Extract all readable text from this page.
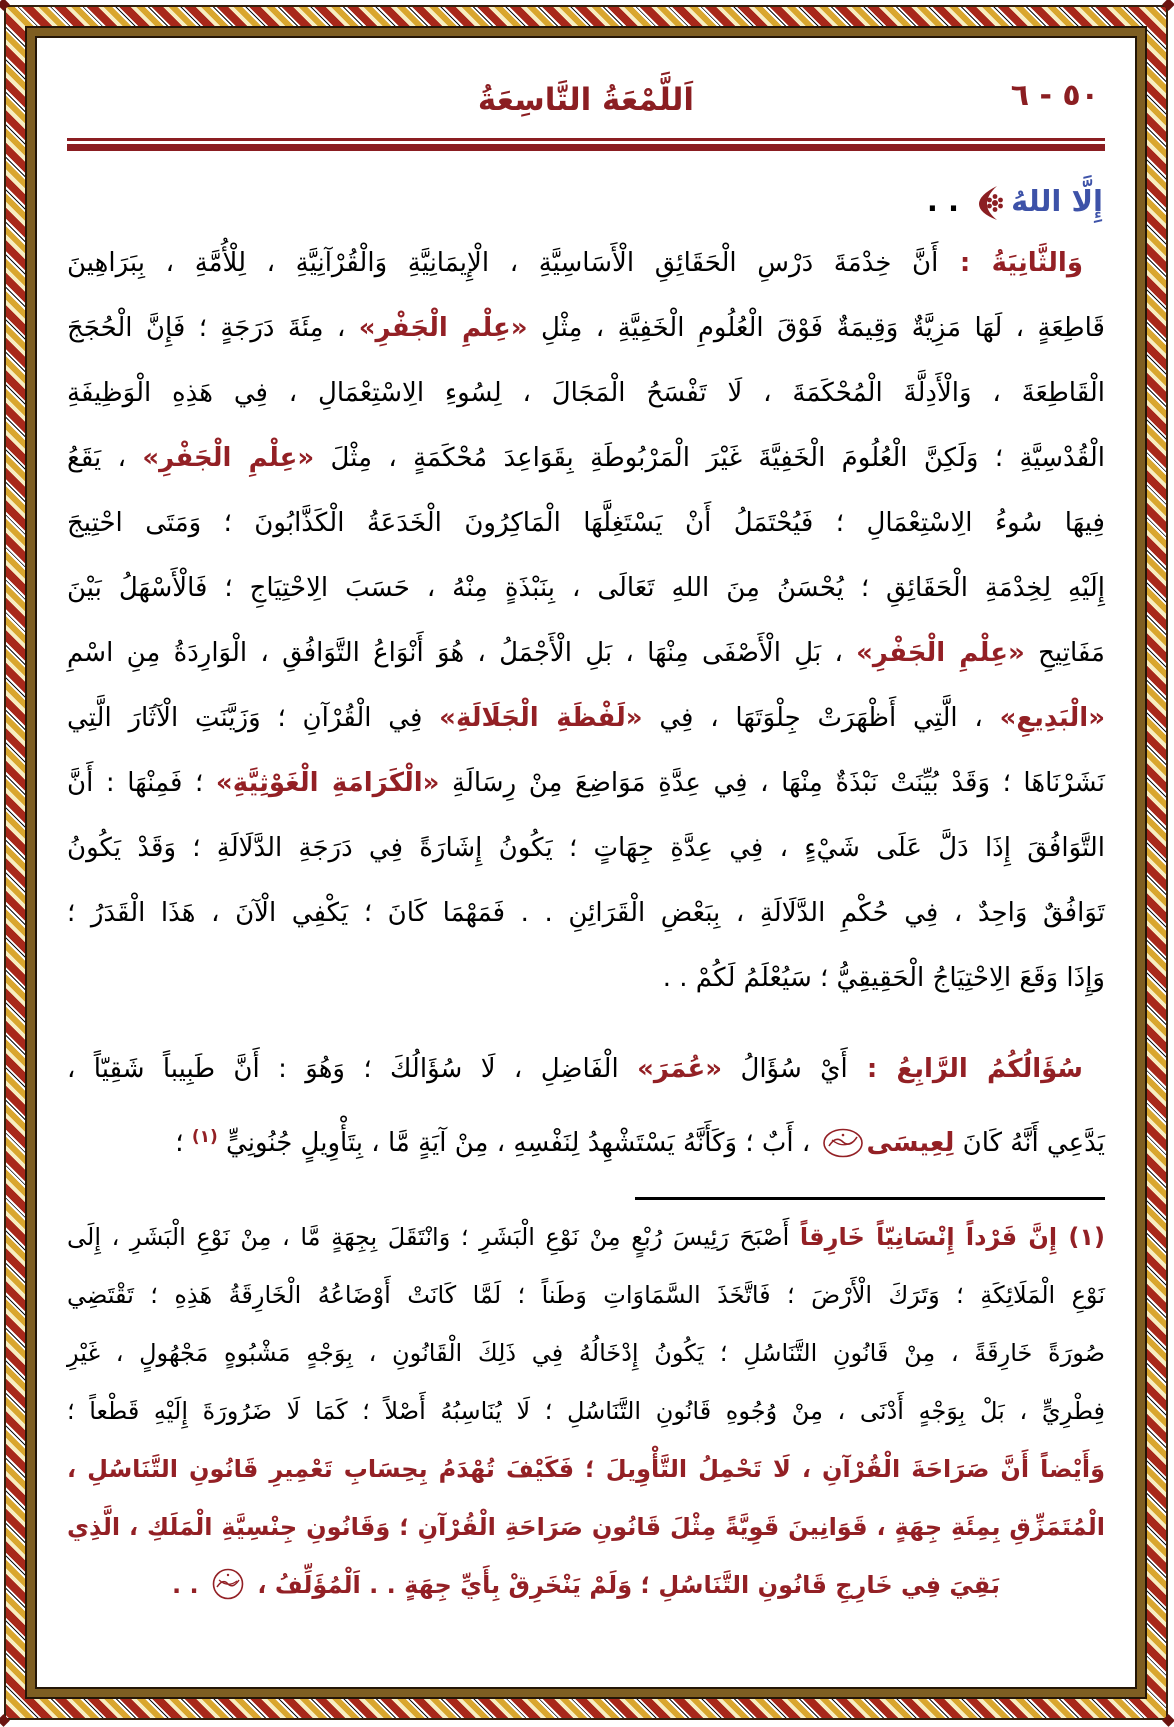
٥٠ - ٦
اَللَّمْعَةُ التَّاسِعَةُ
إِلَّا اللهُ . .
وَالثَّانِيَةُ : أَنَّ خِدْمَةَ دَرْسِ الْحَقَائِقِ الْأَسَاسِيَّةِ ، الْإِيمَانِيَّةِ وَالْقُرْآنِيَّةِ ، لِلْأُمَّةِ ، بِبَرَاهِينَ
قَاطِعَةٍ ، لَهَا مَزِيَّةٌ وَقِيمَةٌ فَوْقَ الْعُلُومِ الْخَفِيَّةِ ، مِثْلِ «عِلْمِ الْجَفْرِ» ، مِئَةَ دَرَجَةٍ ؛ فَإِنَّ الْحُجَجَ
الْقَاطِعَةَ ، وَالْأَدِلَّةَ الْمُحْكَمَةَ ، لَا تَفْسَحُ الْمَجَالَ ، لِسُوءِ الِاسْتِعْمَالِ ، فِي هَذِهِ الْوَظِيفَةِ
الْقُدْسِيَّةِ ؛ وَلَكِنَّ الْعُلُومَ الْخَفِيَّةَ غَيْرَ الْمَرْبُوطَةِ بِقَوَاعِدَ مُحْكَمَةٍ ، مِثْلَ «عِلْمِ الْجَفْرِ» ، يَقَعُ
فِيهَا سُوءُ الِاسْتِعْمَالِ ؛ فَيُحْتَمَلُ أَنْ يَسْتَغِلَّهَا الْمَاكِرُونَ الْخَدَعَةُ الْكَذَّابُونَ ؛ وَمَتَى احْتِيجَ
إِلَيْهِ لِخِدْمَةِ الْحَقَائِقِ ؛ يُحْسَنُ مِنَ اللهِ تَعَالَى ، بِنَبْذَةٍ مِنْهُ ، حَسَبَ الِاحْتِيَاجِ ؛ فَالْأَسْهَلُ بَيْنَ
مَفَاتِيحِ «عِلْمِ الْجَفْرِ» ، بَلِ الْأَصْفَى مِنْهَا ، بَلِ الْأَجْمَلُ ، هُوَ أَنْوَاعُ التَّوَافُقِ ، الْوَارِدَةُ مِنِ اسْمِ
«الْبَدِيعِ» ، الَّتِي أَظْهَرَتْ جِلْوَتَهَا ، فِي «لَفْظَةِ الْجَلَالَةِ» فِي الْقُرْآنِ ؛ وَزَيَّنَتِ الْآثَارَ الَّتِي
نَشَرْنَاهَا ؛ وَقَدْ بُيِّنَتْ نَبْذَةٌ مِنْهَا ، فِي عِدَّةِ مَوَاضِعَ مِنْ رِسَالَةِ «الْكَرَامَةِ الْغَوْثِيَّةِ» ؛ فَمِنْهَا : أَنَّ
التَّوَافُقَ إِذَا دَلَّ عَلَى شَيْءٍ ، فِي عِدَّةِ جِهَاتٍ ؛ يَكُونُ إِشَارَةً فِي دَرَجَةِ الدَّلَالَةِ ؛ وَقَدْ يَكُونُ
تَوَافُقٌ وَاحِدٌ ، فِي حُكْمِ الدَّلَالَةِ ، بِبَعْضِ الْقَرَائِنِ . . فَمَهْمَا كَانَ ؛ يَكْفِي الْآنَ ، هَذَا الْقَدَرُ ؛
وَإِذَا وَقَعَ الِاحْتِيَاجُ الْحَقِيقِيُّ ؛ سَيُعْلَمُ لَكُمْ . .
سُؤَالُكُمُ الرَّابِعُ : أَيْ سُؤَالُ «عُمَرَ» الْفَاضِلِ ، لَا سُؤَالُكَ ؛ وَهُوَ : أَنَّ طَبِيباً شَقِيّاً ،
يَدَّعِي أَنَّهُ كَانَ لِعِيسَى ، أَبٌ ؛ وَكَأَنَّهُ يَسْتَشْهِدُ لِنَفْسِهِ ، مِنْ آيَةٍ مَّا ، بِتَأْوِيلٍ جُنُونِيٍّ $^{(١)}$ ؛
(١) إِنَّ فَرْداً إِنْسَانِيّاً خَارِقاً أَصْبَحَ رَئِيسَ رُبْعٍ مِنْ نَوْعِ الْبَشَرِ ؛ وَانْتَقَلَ بِجِهَةٍ مَّا ، مِنْ نَوْعِ الْبَشَرِ ، إِلَى
نَوْعِ الْمَلَائِكَةِ ؛ وَتَرَكَ الْأَرْضَ ؛ فَاتَّخَذَ السَّمَاوَاتِ وَطَناً ؛ لَمَّا كَانَتْ أَوْضَاعُهُ الْخَارِقَةُ هَذِهِ ؛ تَقْتَضِي
صُورَةً خَارِقَةً ، مِنْ قَانُونِ التَّنَاسُلِ ؛ يَكُونُ إِدْخَالُهُ فِي ذَلِكَ الْقَانُونِ ، بِوَجْهٍ مَشْبُوهٍ مَجْهُولٍ ، غَيْرِ
فِطْرِيٍّ ، بَلْ بِوَجْهٍ أَدْنَى ، مِنْ وُجُوهِ قَانُونِ التَّنَاسُلِ ؛ لَا يُنَاسِبُهُ أَصْلاً ؛ كَمَا لَا ضَرُورَةَ إِلَيْهِ قَطْعاً ؛
وَأَيْضاً أَنَّ صَرَاحَةَ الْقُرْآنِ ، لَا تَحْمِلُ التَّأْوِيلَ ؛ فَكَيْفَ تُهْدَمُ بِحِسَابِ تَعْمِيرِ قَانُونِ التَّنَاسُلِ ،
الْمُتَمَزِّقِ بِمِئَةِ جِهَةٍ ، قَوَانِينَ قَوِيَّةً مِثْلَ قَانُونِ صَرَاحَةِ الْقُرْآنِ ؛ وَقَانُونِ جِنْسِيَّةِ الْمَلَكِ ، الَّذِي
بَقِيَ فِي خَارِجِ قَانُونِ التَّنَاسُلِ ؛ وَلَمْ يَنْخَرِقْ بِأَيِّ جِهَةٍ . . اَلْمُؤَلِّفُ ،  . .
